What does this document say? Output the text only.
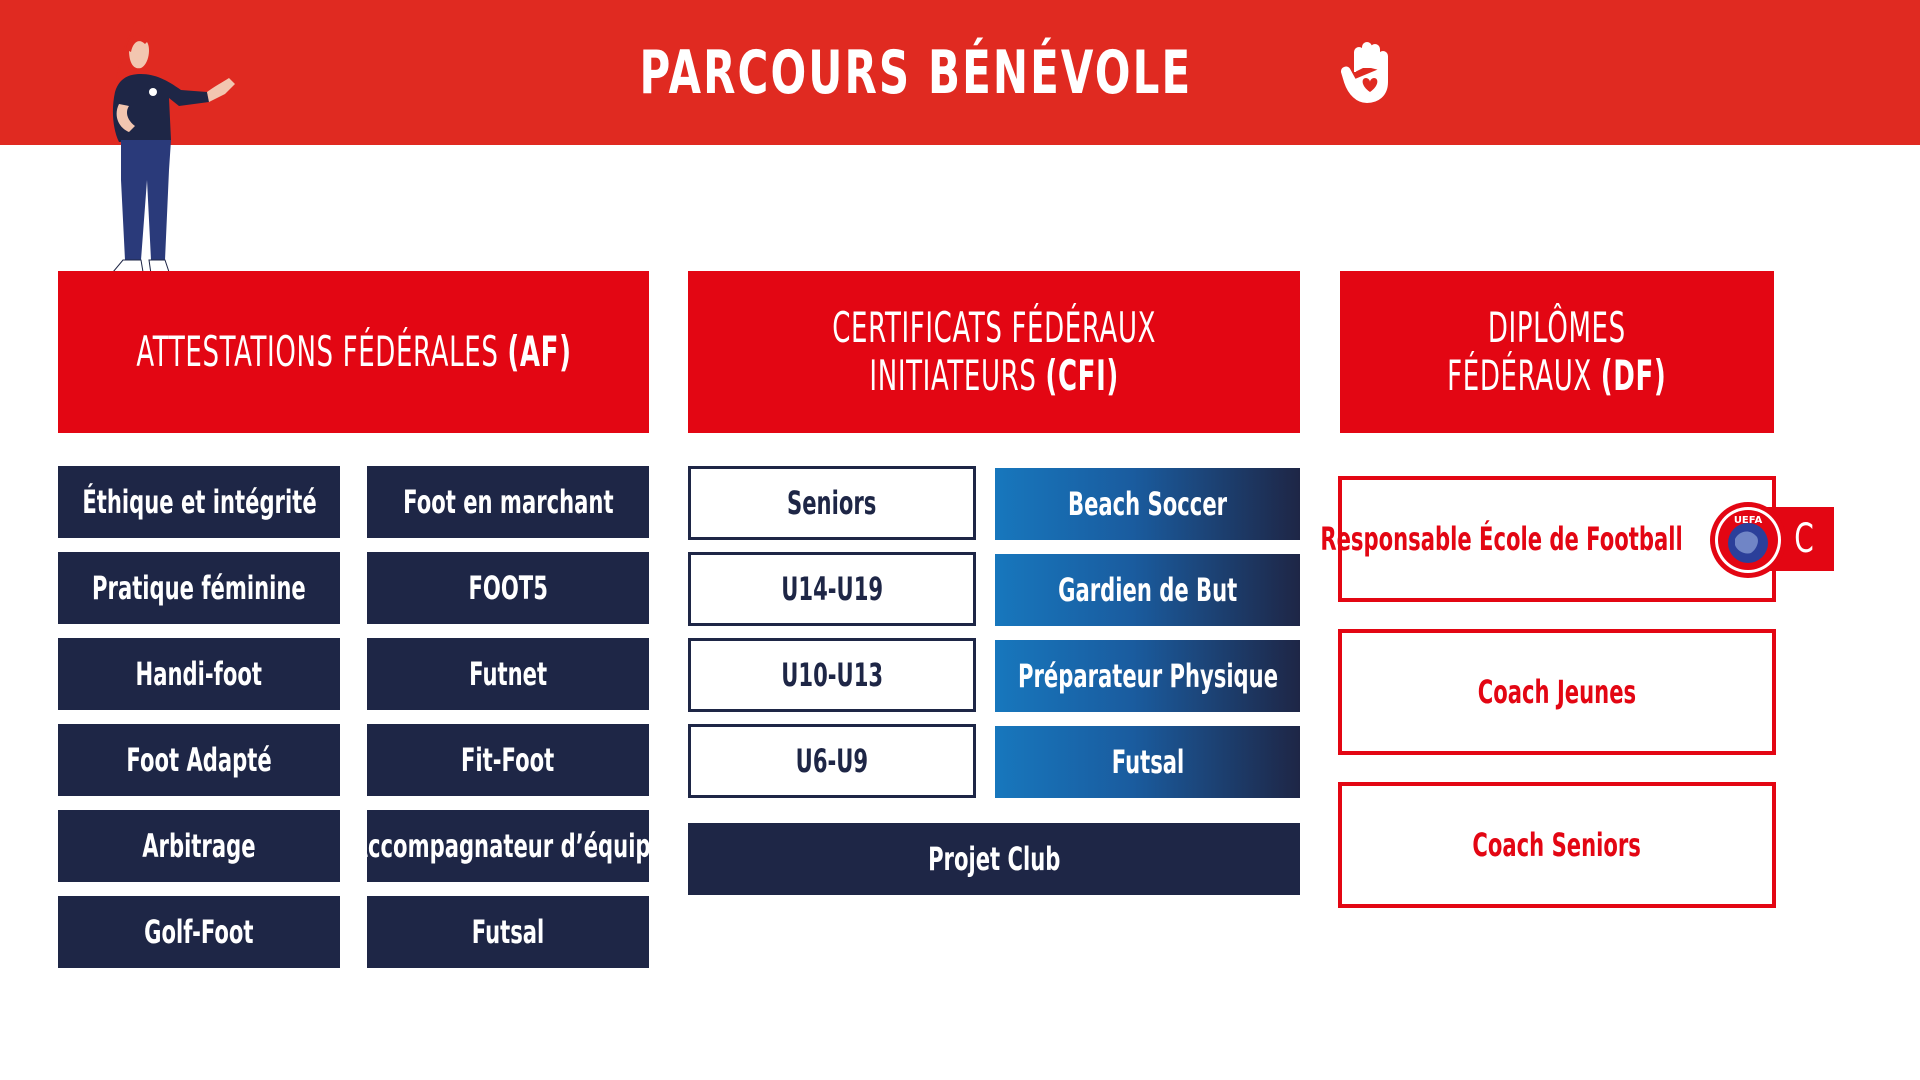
PARCOURS BÉNÉVOLE
ATTESTATIONS FÉDÉRALES (AF)	CERTIFICATS FÉDÉRAUX
INITIATEURS (CFI)
DIPLÔMES
FÉDÉRAUX (DF)
Éthique et intégrité
Pratique féminine
Handi-foot
Foot Adapté
Arbitrage
Golf-Foot
Foot en marchant
FOOT5
Futnet
Fit-Foot
Accompagnateur d’équipe
Futsal
Seniors
U14-U19
U10-U13
U6-U9
Beach Soccer
Gardien de But
Préparateur Physique
Futsal
Projet Club
Responsable École de Football	C
UEFA
Coach Jeunes
Coach Seniors
